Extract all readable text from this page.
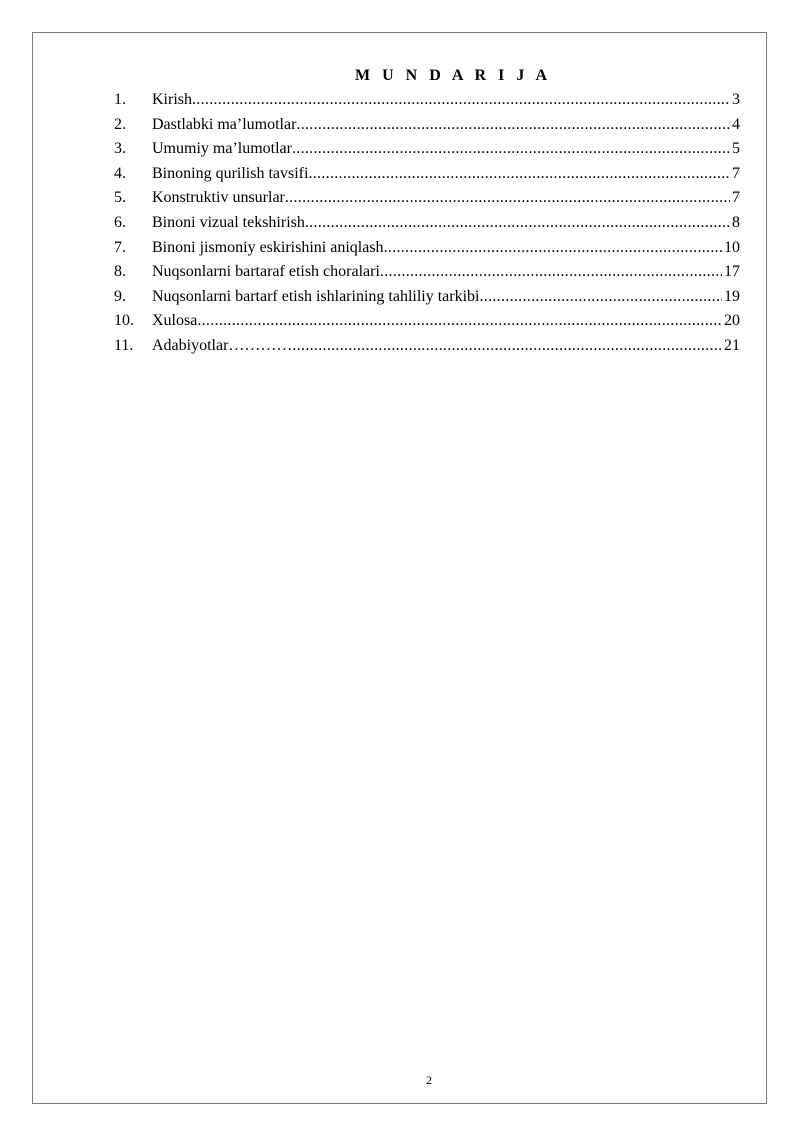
M U N D A R I J A
1.	Kirish .....	3
2.	Dastlabki ma’lumotlar .....	4
3.	Umumiy ma’lumotlar .....	5
4.	Binoning qurilish tavsifi .....	7
5.	Konstruktiv unsurlar .....	7
6.	Binoni vizual tekshirish .....	8
7.	Binoni jismoniy eskirishini aniqlash .....	10
8.	Nuqsonlarni bartaraf etish choralari .....	17
9.	Nuqsonlarni bartarf etish ishlarining tahliliy tarkibi .....	19
10.	Xulosa .....	20
11.	Adabiyotlar………… .....	21
2
